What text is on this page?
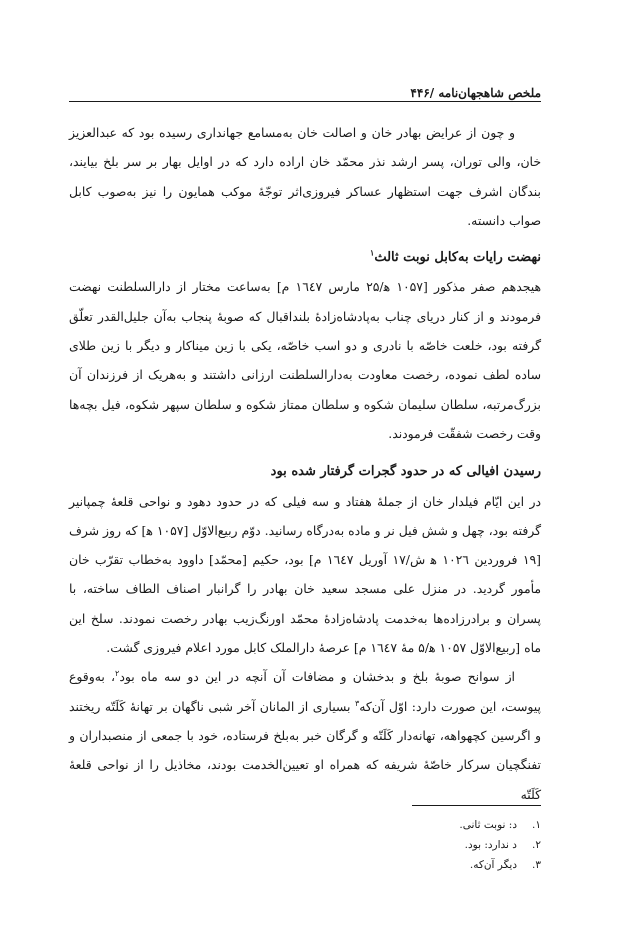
ملخص شاهجهان‌نامه /۴۴۶

و چون از عرایض بهادر خان و اصالت خان به‌مسامع جهانداری رسیده بود که عبدالعزیز خان، والی توران، پسر ارشد نذر محمّد خان اراده دارد که در اوایل بهار بر سر بلخ بیایند، بندگان اشرف جهت استظهار عساکر فیروزی‌اثر توجّهٔ موکب همایون را نیز به‌صوب کابل صواب دانسته.

نهضت رایات به‌کابل نوبت ثالث$^۱$

هیجدهم صفر مذکور [۱۰۵۷ ه‍/۲۵ مارس ۱٦٤٧ م] به‌ساعت مختار از دارالسلطنت نهضت فرمودند و از کنار دریای چناب به‌پادشاه‌زادهٔ بلنداقبال که صوبهٔ پنجاب به‌آن جلیل‌القدر تعلّق گرفته بود، خلعت خاصّه با نادری و دو اسب خاصّه، یکی با زین میناکار و دیگر با زین طلای ساده لطف نموده، رخصت معاودت به‌دارالسلطنت ارزانی داشتند و به‌هریک از فرزندان آن بزرگ‌مرتبه، سلطان سلیمان شکوه و سلطان ممتاز شکوه و سلطان سپهر شکوه، فیل بچه‌ها وقت رخصت شفقّت فرمودند.

رسیدن افیالی که در حدود گجرات گرفتار شده بود

در این ایّام فیلدار خان از جملهٔ هفتاد و سه فیلی که در حدود دهود و نواحی قلعهٔ چمپانیر گرفته بود، چهل و شش فیل نر و ماده به‌درگاه رسانید. دوّم ربیع‌الاوّل [۱۰۵۷ ه‍] که روز شرف [۱۹ فروردین ۱۰۲٦ ه‍ ش/۱۷ آوریل ۱٦٤٧ م] بود، حکیم [محمّد] داوود به‌خطاب تقرّب خان مأمور گردید. در منزل علی مسجد سعید خان بهادر را گرانبار اصناف الطاف ساخته، با پسران و برادرزاده‌ها به‌خدمت پادشاه‌زادهٔ محمّد اورنگ‌زیب بهادر رخصت نمودند. سلخ این ماه [ربیع‌الاوّل ۱۰۵۷ ه‍/۵ مهٔ ۱٦٤٧ م] عرصهٔ دارالملک کابل مورد اعلام فیروزی گشت.

از سوانح صوبهٔ بلخ و بدخشان و مضافات آن آنچه در این دو سه ماه بود$^۲$، به‌وقوع پیوست، این صورت دارد: اوّل آن‌که$^۳$ بسیاری از المانان آخر شبی ناگهان بر تهانهٔ کَلَتّه ریختند و اگرسین کچهواهه، تهانه‌دار کَلَتّه و گرگان خبر به‌بلخ فرستاده، خود با جمعی از منصبداران و تفنگچیان سرکار خاصّهٔ شریفه که همراه او تعیین‌الخدمت بودند، مخاذیل را از نواحی قلعهٔ کَلَتّه

۱.
د: نوبت ثانی.
۲.
د ندارد: بود.
۳.
دیگر آن‌که.
